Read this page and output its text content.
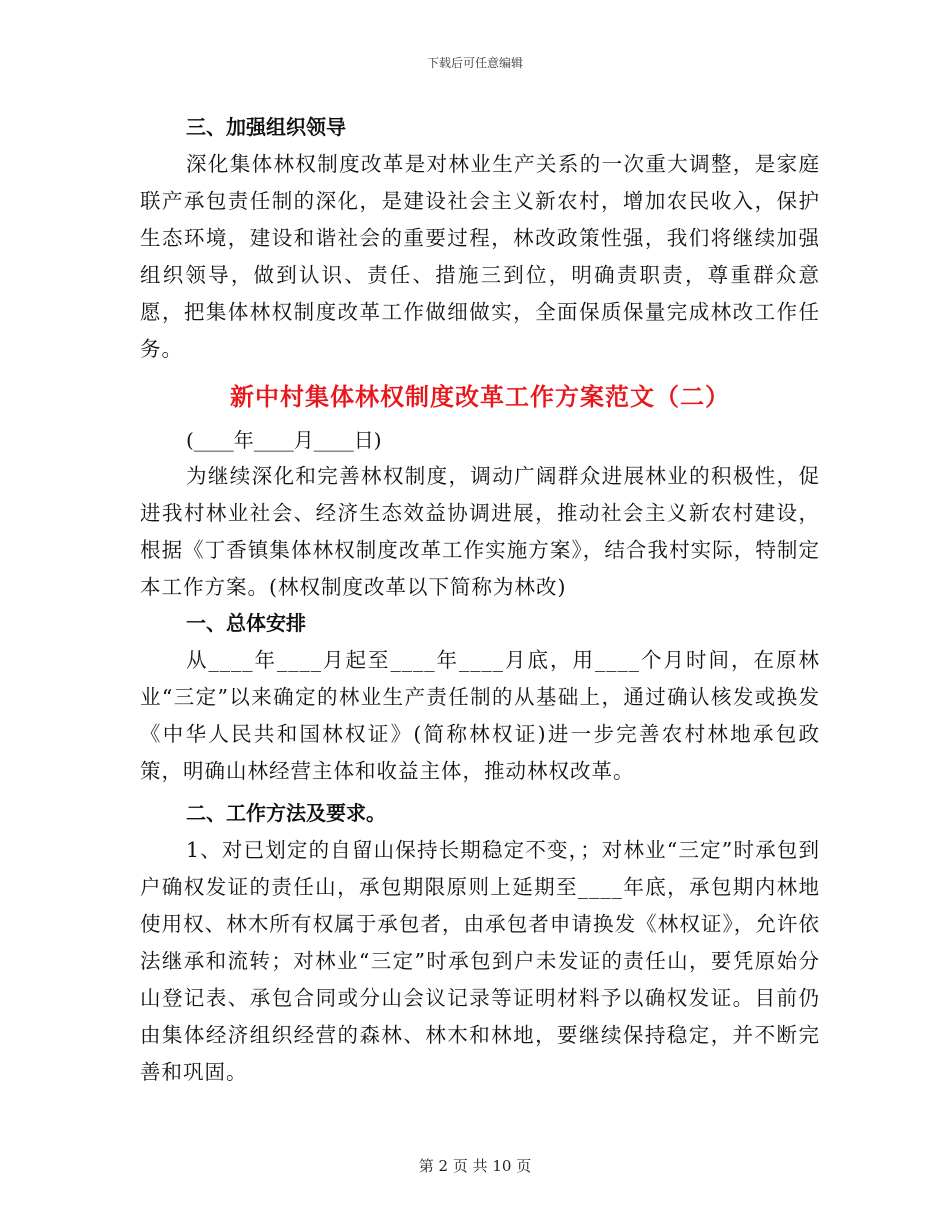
下载后可任意编辑
三、加强组织领导

深化集体林权制度改革是对林业生产关系的一次重大调整，是家庭联产承包责任制的深化，是建设社会主义新农村，增加农民收入，保护生态环境，建设和谐社会的重要过程，林改政策性强，我们将继续加强组织领导，做到认识、责任、措施三到位，明确责职责，尊重群众意愿，把集体林权制度改革工作做细做实，全面保质保量完成林改工作任务。

新中村集体林权制度改革工作方案范文（二）
(____年____月____日)

为继续深化和完善林权制度，调动广阔群众进展林业的积极性，促进我村林业社会、经济生态效益协调进展，推动社会主义新农村建设，根据《丁香镇集体林权制度改革工作实施方案》，结合我村实际，特制定本工作方案。(林权制度改革以下简称为林改)

一、总体安排

从____年____月起至____年____月底，用____个月时间，在原林业“三定”以来确定的林业生产责任制的从基础上，通过确认核发或换发《中华人民共和国林权证》(简称林权证)进一步完善农村林地承包政策，明确山林经营主体和收益主体，推动林权改革。

二、工作方法及要求。

1、对已划定的自留山保持长期稳定不变，；对林业“三定”时承包到户确权发证的责任山，承包期限原则上延期至____年底，承包期内林地使用权、林木所有权属于承包者，由承包者申请换发《林权证》，允许依法继承和流转；对林业“三定”时承包到户未发证的责任山，要凭原始分山登记表、承包合同或分山会议记录等证明材料予以确权发证。目前仍由集体经济组织经营的森林、林木和林地，要继续保持稳定，并不断完善和巩固。

第 2 页 共 10 页
